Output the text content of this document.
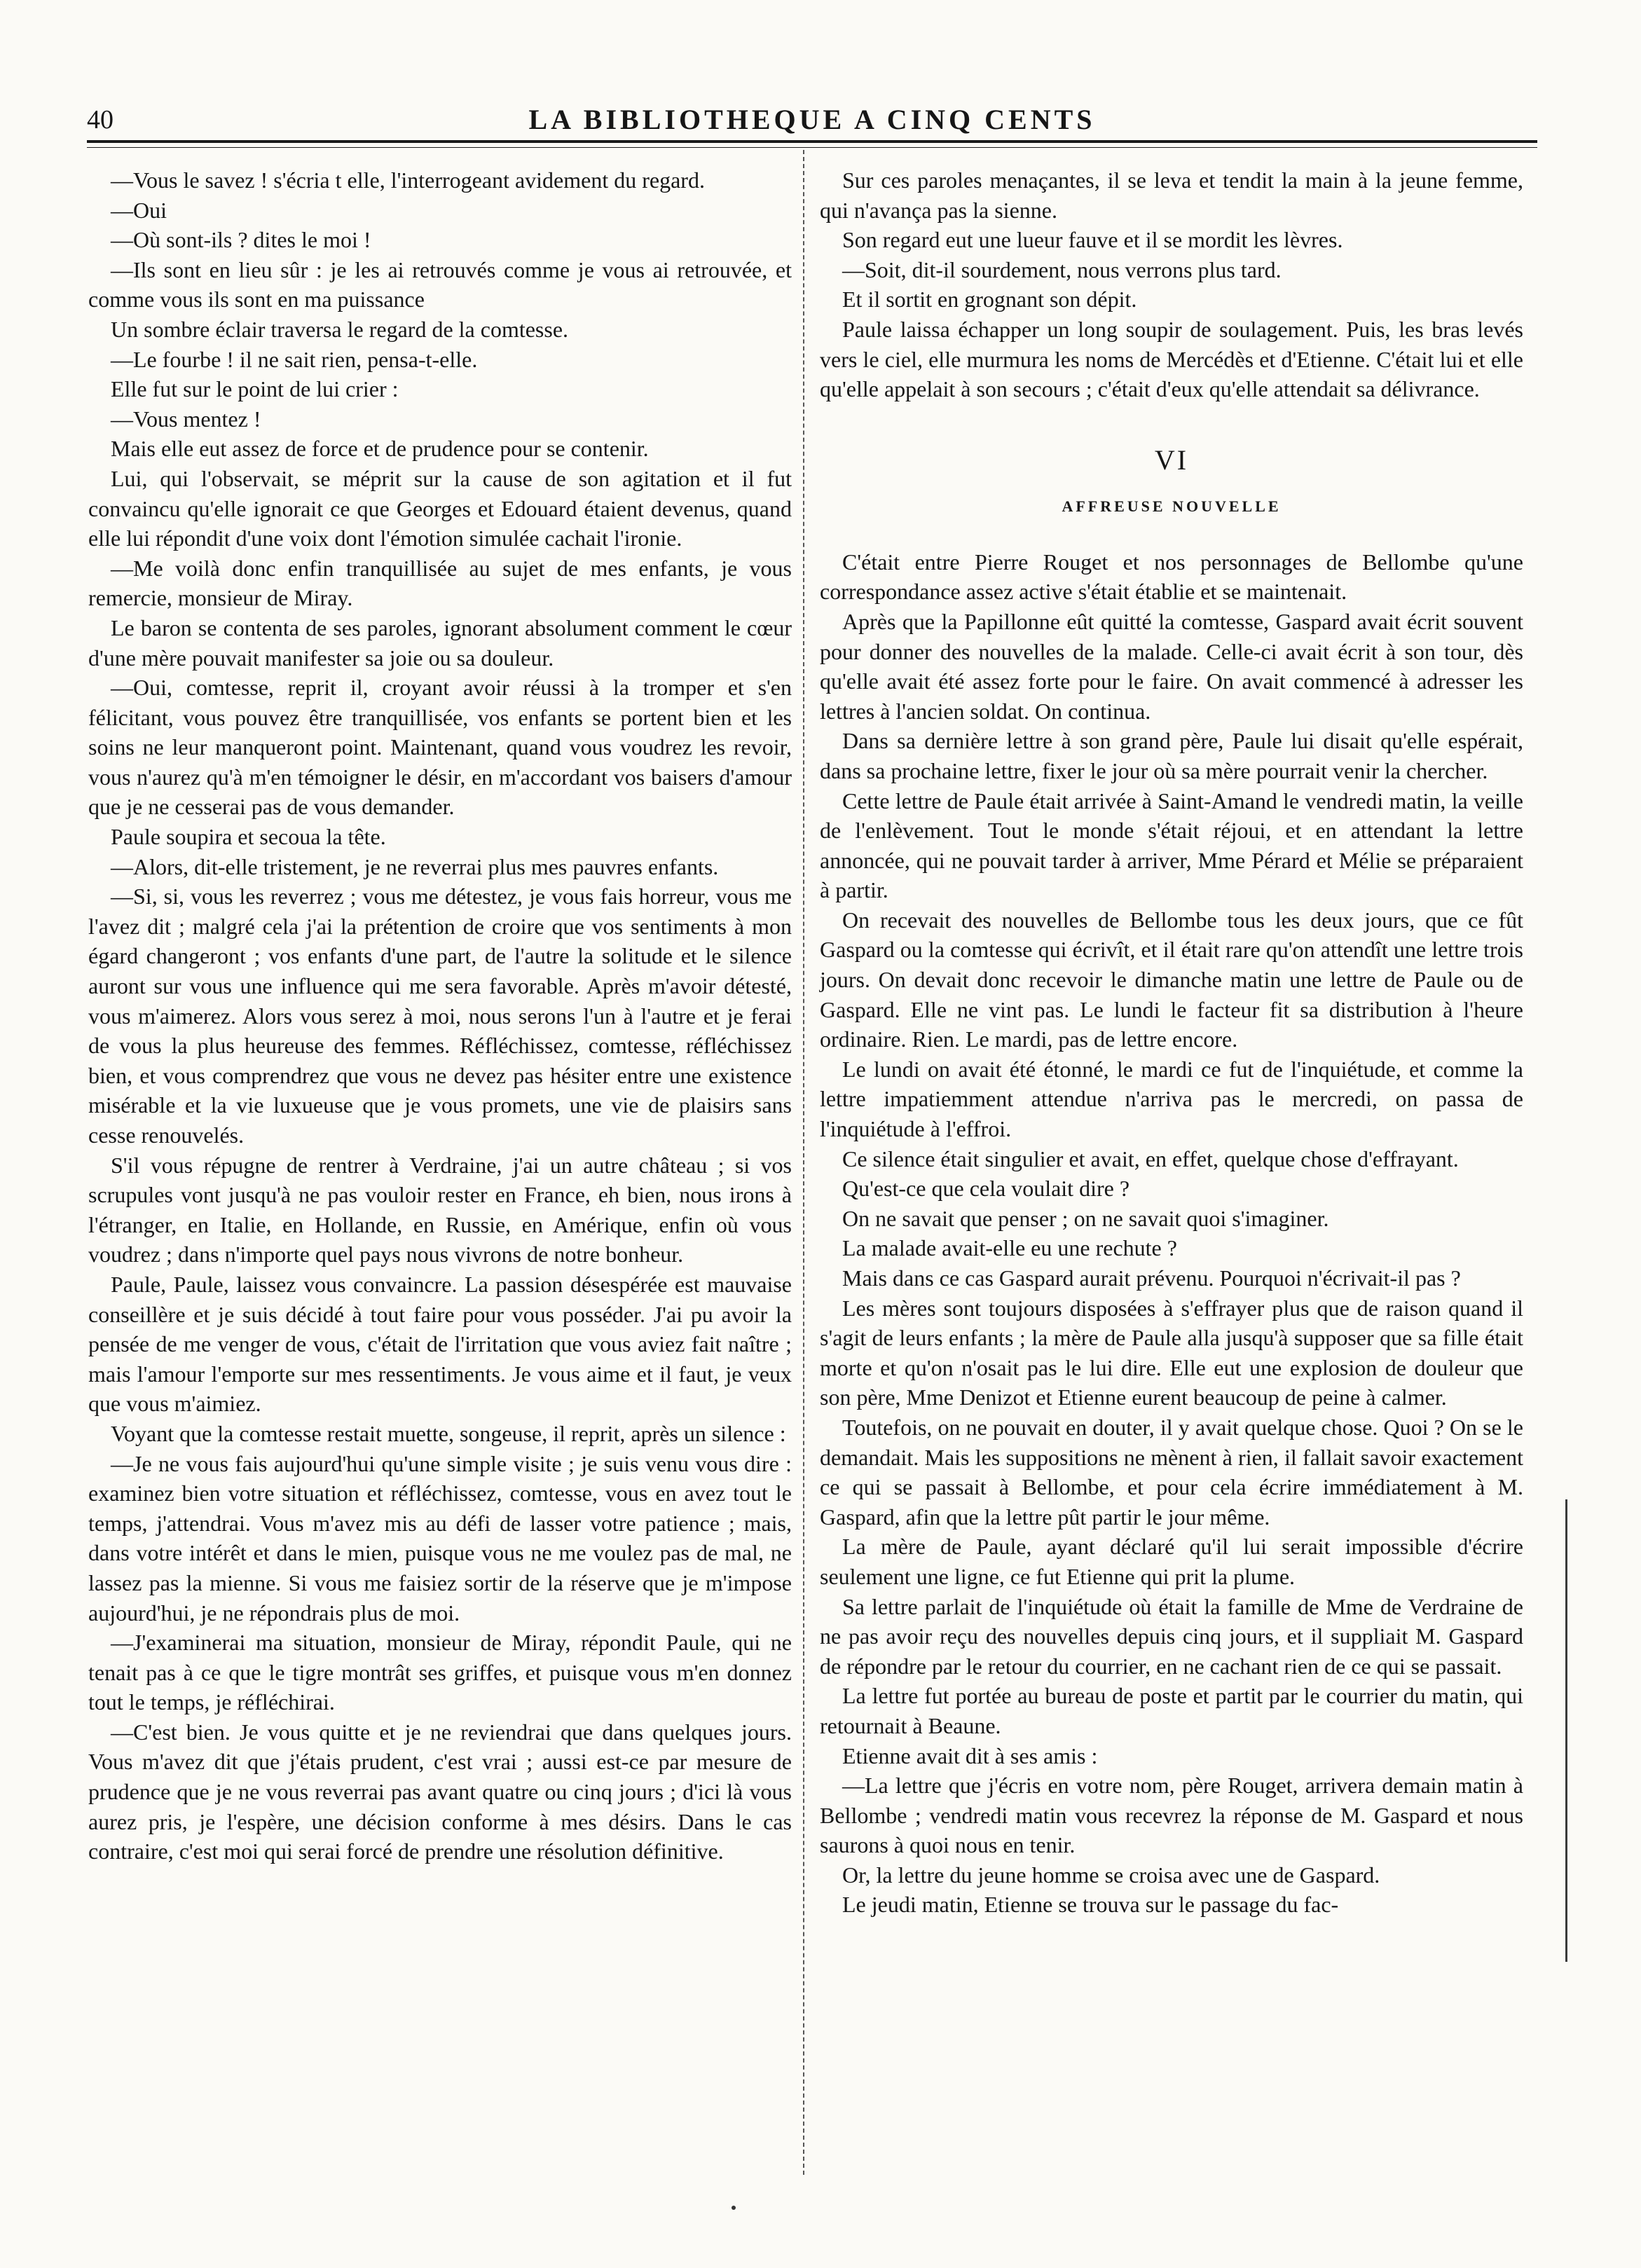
40	LA BIBLIOTHEQUE A CINQ CENTS

—Vous le savez ! s'écria t elle, l'interrogeant avidement du regard.

—Oui

—Où sont-ils ? dites le moi !

—Ils sont en lieu sûr : je les ai retrouvés comme je vous ai retrouvée, et comme vous ils sont en ma puissance

Un sombre éclair traversa le regard de la comtesse.

—Le fourbe ! il ne sait rien, pensa-t-elle.

Elle fut sur le point de lui crier :

—Vous mentez !

Mais elle eut assez de force et de prudence pour se contenir.

Lui, qui l'observait, se méprit sur la cause de son agitation et il fut convaincu qu'elle ignorait ce que Georges et Edouard étaient devenus, quand elle lui répondit d'une voix dont l'émotion simulée cachait l'ironie.

—Me voilà donc enfin tranquillisée au sujet de mes enfants, je vous remercie, monsieur de Miray.

Le baron se contenta de ses paroles, ignorant absolument comment le cœur d'une mère pouvait manifester sa joie ou sa douleur.

—Oui, comtesse, reprit il, croyant avoir réussi à la tromper et s'en félicitant, vous pouvez être tranquillisée, vos enfants se portent bien et les soins ne leur manqueront point. Maintenant, quand vous voudrez les revoir, vous n'aurez qu'à m'en témoigner le désir, en m'accordant vos baisers d'amour que je ne cesserai pas de vous demander.

Paule soupira et secoua la tête.

—Alors, dit-elle tristement, je ne reverrai plus mes pauvres enfants.

—Si, si, vous les reverrez ; vous me détestez, je vous fais horreur, vous me l'avez dit ; malgré cela j'ai la prétention de croire que vos sentiments à mon égard changeront ; vos enfants d'une part, de l'autre la solitude et le silence auront sur vous une influence qui me sera favorable. Après m'avoir détesté, vous m'aimerez. Alors vous serez à moi, nous serons l'un à l'autre et je ferai de vous la plus heureuse des femmes. Réfléchissez, comtesse, réfléchissez bien, et vous comprendrez que vous ne devez pas hésiter entre une existence misérable et la vie luxueuse que je vous promets, une vie de plaisirs sans cesse renouvelés.

S'il vous répugne de rentrer à Verdraine, j'ai un autre château ; si vos scrupules vont jusqu'à ne pas vouloir rester en France, eh bien, nous irons à l'étranger, en Italie, en Hollande, en Russie, en Amérique, enfin où vous voudrez ; dans n'importe quel pays nous vivrons de notre bonheur.

Paule, Paule, laissez vous convaincre. La passion désespérée est mauvaise conseillère et je suis décidé à tout faire pour vous posséder. J'ai pu avoir la pensée de me venger de vous, c'était de l'irritation que vous aviez fait naître ; mais l'amour l'emporte sur mes ressentiments. Je vous aime et il faut, je veux que vous m'aimiez.

Voyant que la comtesse restait muette, songeuse, il reprit, après un silence :

—Je ne vous fais aujourd'hui qu'une simple visite ; je suis venu vous dire : examinez bien votre situation et réfléchissez, comtesse, vous en avez tout le temps, j'attendrai. Vous m'avez mis au défi de lasser votre patience ; mais, dans votre intérêt et dans le mien, puisque vous ne me voulez pas de mal, ne lassez pas la mienne. Si vous me faisiez sortir de la réserve que je m'impose aujourd'hui, je ne répondrais plus de moi.

—J'examinerai ma situation, monsieur de Miray, répondit Paule, qui ne tenait pas à ce que le tigre montrât ses griffes, et puisque vous m'en donnez tout le temps, je réfléchirai.

—C'est bien. Je vous quitte et je ne reviendrai que dans quelques jours. Vous m'avez dit que j'étais prudent, c'est vrai ; aussi est-ce par mesure de prudence que je ne vous reverrai pas avant quatre ou cinq jours ; d'ici là vous aurez pris, je l'espère, une décision conforme à mes désirs. Dans le cas contraire, c'est moi qui serai forcé de prendre une résolution définitive.

Sur ces paroles menaçantes, il se leva et tendit la main à la jeune femme, qui n'avança pas la sienne.

Son regard eut une lueur fauve et il se mordit les lèvres.

—Soit, dit-il sourdement, nous verrons plus tard.

Et il sortit en grognant son dépit.

Paule laissa échapper un long soupir de soulagement. Puis, les bras levés vers le ciel, elle murmura les noms de Mercédès et d'Etienne. C'était lui et elle qu'elle appelait à son secours ; c'était d'eux qu'elle attendait sa délivrance.

VI
AFFREUSE NOUVELLE

C'était entre Pierre Rouget et nos personnages de Bellombe qu'une correspondance assez active s'était établie et se maintenait.

Après que la Papillonne eût quitté la comtesse, Gaspard avait écrit souvent pour donner des nouvelles de la malade. Celle-ci avait écrit à son tour, dès qu'elle avait été assez forte pour le faire. On avait commencé à adresser les lettres à l'ancien soldat. On continua.

Dans sa dernière lettre à son grand père, Paule lui disait qu'elle espérait, dans sa prochaine lettre, fixer le jour où sa mère pourrait venir la chercher.

Cette lettre de Paule était arrivée à Saint-Amand le vendredi matin, la veille de l'enlèvement. Tout le monde s'était réjoui, et en attendant la lettre annoncée, qui ne pouvait tarder à arriver, Mme Pérard et Mélie se préparaient à partir.

On recevait des nouvelles de Bellombe tous les deux jours, que ce fût Gaspard ou la comtesse qui écrivît, et il était rare qu'on attendît une lettre trois jours. On devait donc recevoir le dimanche matin une lettre de Paule ou de Gaspard. Elle ne vint pas. Le lundi le facteur fit sa distribution à l'heure ordinaire. Rien. Le mardi, pas de lettre encore.

Le lundi on avait été étonné, le mardi ce fut de l'inquiétude, et comme la lettre impatiemment attendue n'arriva pas le mercredi, on passa de l'inquiétude à l'effroi.

Ce silence était singulier et avait, en effet, quelque chose d'effrayant.

Qu'est-ce que cela voulait dire ?

On ne savait que penser ; on ne savait quoi s'imaginer.

La malade avait-elle eu une rechute ?

Mais dans ce cas Gaspard aurait prévenu. Pourquoi n'écrivait-il pas ?

Les mères sont toujours disposées à s'effrayer plus que de raison quand il s'agit de leurs enfants ; la mère de Paule alla jusqu'à supposer que sa fille était morte et qu'on n'osait pas le lui dire. Elle eut une explosion de douleur que son père, Mme Denizot et Etienne eurent beaucoup de peine à calmer.

Toutefois, on ne pouvait en douter, il y avait quelque chose. Quoi ? On se le demandait. Mais les suppositions ne mènent à rien, il fallait savoir exactement ce qui se passait à Bellombe, et pour cela écrire immédiatement à M. Gaspard, afin que la lettre pût partir le jour même.

La mère de Paule, ayant déclaré qu'il lui serait impossible d'écrire seulement une ligne, ce fut Etienne qui prit la plume.

Sa lettre parlait de l'inquiétude où était la famille de Mme de Verdraine de ne pas avoir reçu des nouvelles depuis cinq jours, et il suppliait M. Gaspard de répondre par le retour du courrier, en ne cachant rien de ce qui se passait.

La lettre fut portée au bureau de poste et partit par le courrier du matin, qui retournait à Beaune.

Etienne avait dit à ses amis :

—La lettre que j'écris en votre nom, père Rouget, arrivera demain matin à Bellombe ; vendredi matin vous recevrez la réponse de M. Gaspard et nous saurons à quoi nous en tenir.

Or, la lettre du jeune homme se croisa avec une de Gaspard.

Le jeudi matin, Etienne se trouva sur le passage du fac-
